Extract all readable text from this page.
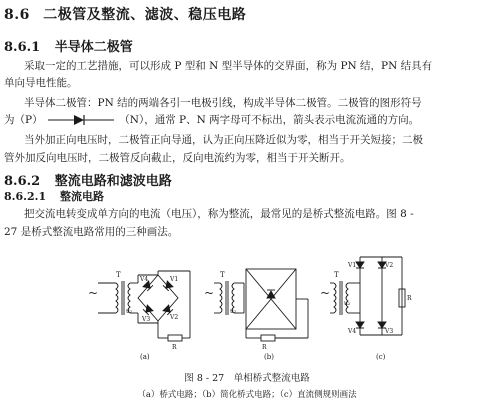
8.6 二极管及整流、滤波、稳压电路
8.6.1 半导体二极管
采取一定的工艺措施，可以形成 P 型和 N 型半导体的交界面，称为 PN 结，PN 结具有
单向导电性能。
半导体二极管：PN 结的两端各引一电极引线，构成半导体二极管。二极管的图形符号
为（P）	（N），通常 P、N 两字母可不标出，箭头表示电流流通的方向。
当外加正向电压时，二极管正向导通，认为正向压降近似为零，相当于开关短接；二极
管外加反向电压时，二极管反向截止，反向电流约为零，相当于开关断开。
8.6.2 整流电路和滤波电路
8.6.2.1 整流电路
把交流电转变成单方向的电流（电压），称为整流，最常见的是桥式整流电路。图 8 -
27 是桥式整流电路常用的三种画法。
~
T
u₂
V4	V1
V3	V2
R
(a)
~
T
u₂
R
(b)
~
T
u₂
V1	V2
V4	V3
R
(c)
图 8 - 27　单相桥式整流电路
（a）桥式电路；（b）简化桥式电路；（c）直流侧规则画法
